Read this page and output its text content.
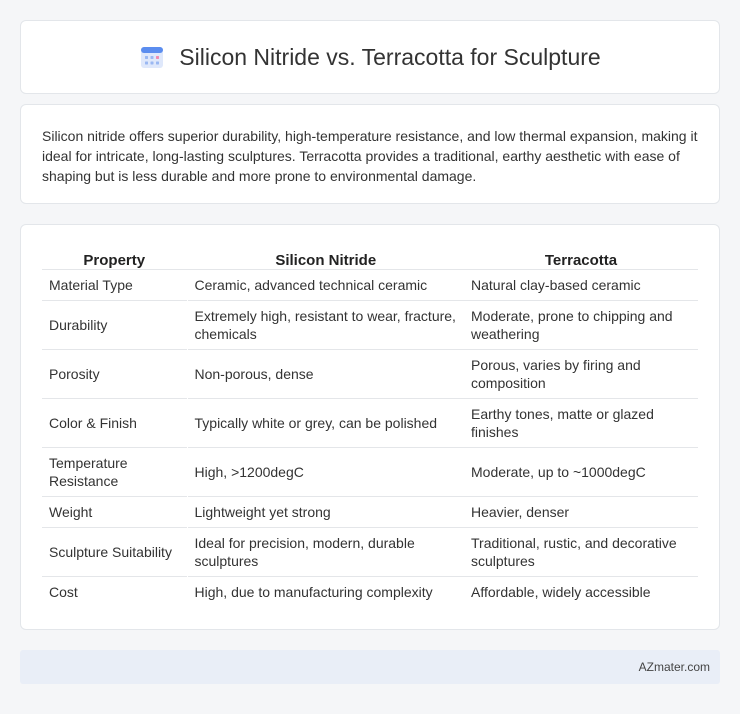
Silicon Nitride vs. Terracotta for Sculpture

Silicon nitride offers superior durability, high-temperature resistance, and low thermal expansion, making it ideal for intricate, long-lasting sculptures. Terracotta provides a traditional, earthy aesthetic with ease of shaping but is less durable and more prone to environmental damage.

Property	Silicon Nitride	Terracotta
Material Type	Ceramic, advanced technical ceramic	Natural clay-based ceramic
Durability	Extremely high, resistant to wear, fracture, chemicals	Moderate, prone to chipping and weathering
Porosity	Non-porous, dense	Porous, varies by firing and composition
Color & Finish	Typically white or grey, can be polished	Earthy tones, matte or glazed finishes
Temperature Resistance	High, >1200degC	Moderate, up to ~1000degC
Weight	Lightweight yet strong	Heavier, denser
Sculpture Suitability	Ideal for precision, modern, durable sculptures	Traditional, rustic, and decorative sculptures
Cost	High, due to manufacturing complexity	Affordable, widely accessible
AZmater.com
